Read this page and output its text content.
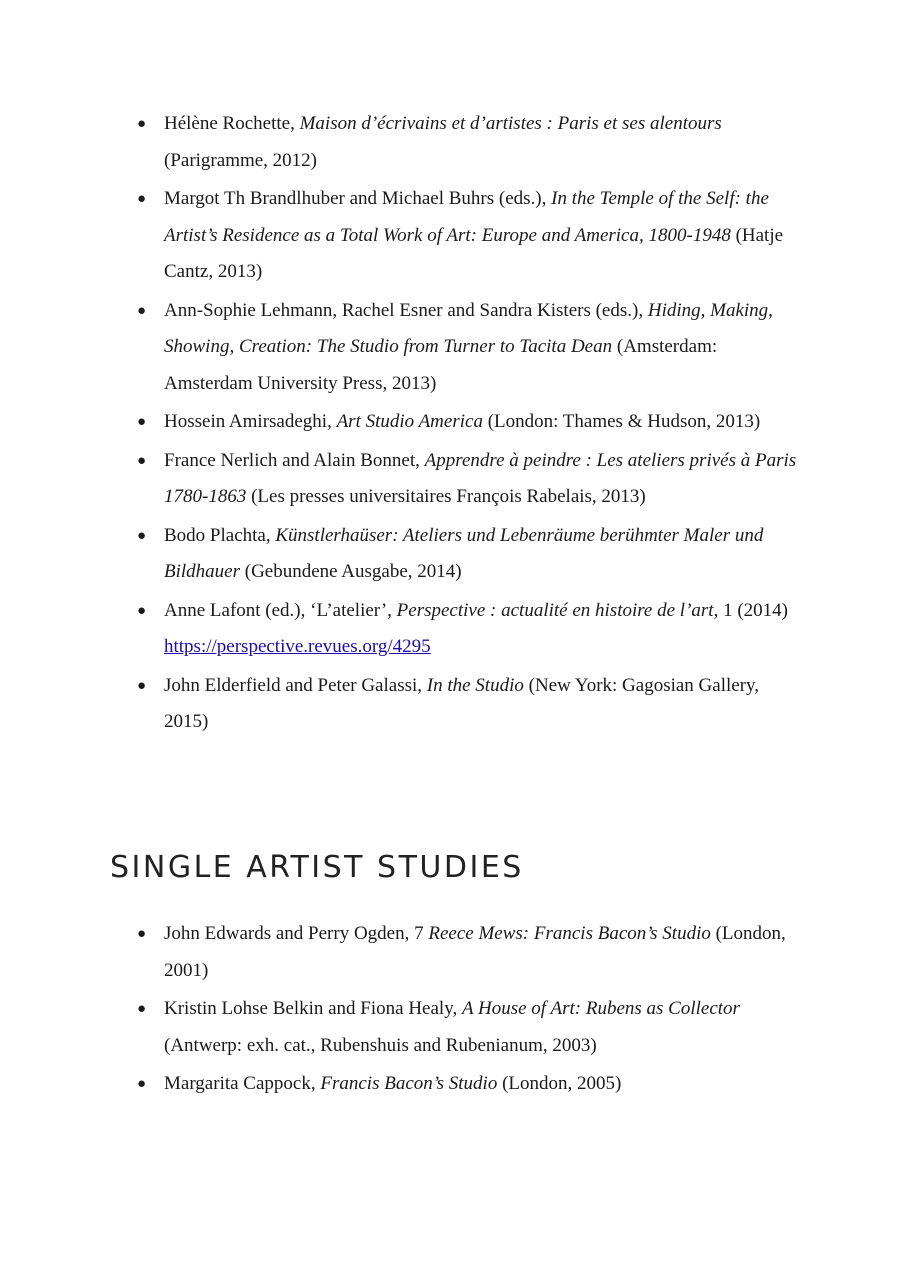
● Hélène Rochette, Maison d’écrivains et d’artistes : Paris et ses alentours (Parigramme, 2012)
● Margot Th Brandlhuber and Michael Buhrs (eds.), In the Temple of the Self: the Artist’s Residence as a Total Work of Art: Europe and America, 1800-1948 (Hatje Cantz, 2013)
● Ann-Sophie Lehmann, Rachel Esner and Sandra Kisters (eds.), Hiding, Making, Showing, Creation: The Studio from Turner to Tacita Dean (Amsterdam: Amsterdam University Press, 2013)
● Hossein Amirsadeghi, Art Studio America (London: Thames & Hudson, 2013)
● France Nerlich and Alain Bonnet, Apprendre à peindre : Les ateliers privés à Paris 1780-1863 (Les presses universitaires François Rabelais, 2013)
● Bodo Plachta, Künstlerhaüser: Ateliers und Lebenräume berühmter Maler und Bildhauer (Gebundene Ausgabe, 2014)
● Anne Lafont (ed.), ‘L’atelier’, Perspective : actualité en histoire de l’art, 1 (2014) https://perspective.revues.org/4295
● John Elderfield and Peter Galassi, In the Studio (New York: Gagosian Gallery, 2015)
SINGLE ARTIST STUDIES
● John Edwards and Perry Ogden, 7 Reece Mews: Francis Bacon’s Studio (London, 2001)
● Kristin Lohse Belkin and Fiona Healy, A House of Art: Rubens as Collector (Antwerp: exh. cat., Rubenshuis and Rubenianum, 2003)
● Margarita Cappock, Francis Bacon’s Studio (London, 2005)
